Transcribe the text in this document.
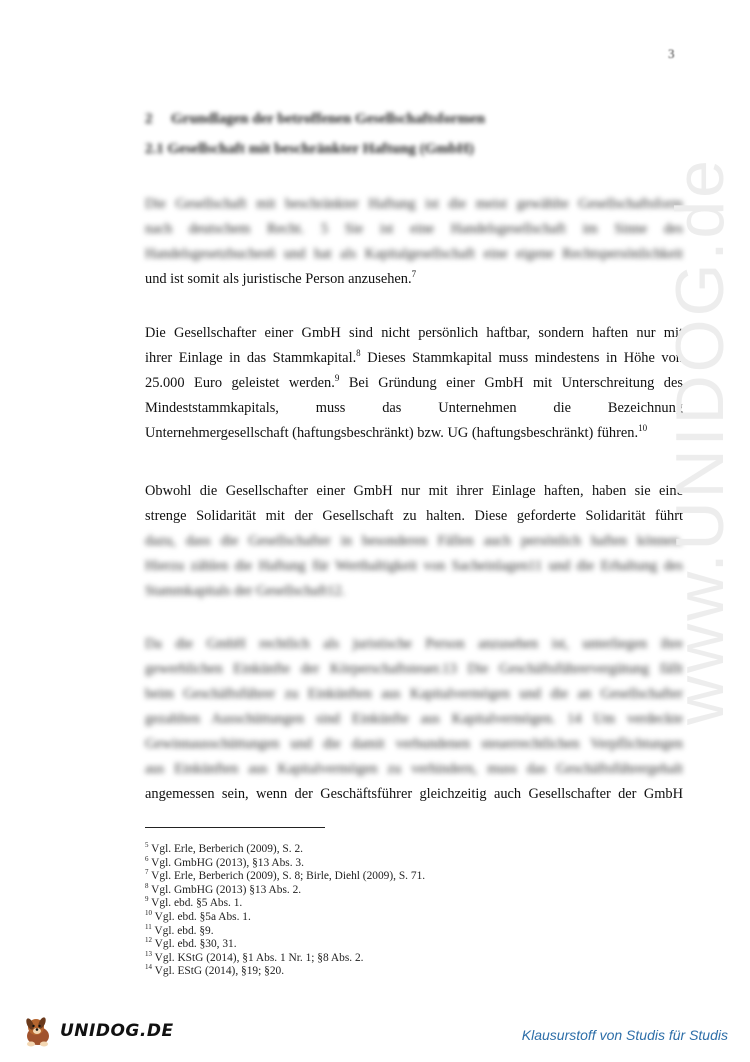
3
2 Grundlagen der betroffenen Gesellschaftsformen
2.1 Gesellschaft mit beschränkter Haftung (GmbH)
Die Gesellschaft mit beschränkter Haftung ist die meist gewählte Gesellschaftsform
nach deutschem Recht. 5 Sie ist eine Handelsgesellschaft im Sinne des
Handelsgesetzbuches6 und hat als Kapitalgesellschaft eine eigene Rechtspersönlichkeit
und ist somit als juristische Person anzusehen.$^7$
Die Gesellschafter einer GmbH sind nicht persönlich haftbar, sondern haften nur mit
ihrer Einlage in das Stammkapital.$^8$ Dieses Stammkapital muss mindestens in Höhe von
25.000 Euro geleistet werden.$^9$ Bei Gründung einer GmbH mit Unterschreitung des
Mindeststammkapitals, muss das Unternehmen die Bezeichnung
Unternehmergesellschaft (haftungsbeschränkt) bzw. UG (haftungsbeschränkt) führen.$^{10}$
Obwohl die Gesellschafter einer GmbH nur mit ihrer Einlage haften, haben sie eine
strenge Solidarität mit der Gesellschaft zu halten. Diese geforderte Solidarität führt
dazu, dass die Gesellschafter in besonderen Fällen auch persönlich haften können.
Hierzu zählen die Haftung für Werthaltigkeit von Sacheinlagen11 und die Erhaltung des
Stammkapitals der Gesellschaft12.
Da die GmbH rechtlich als juristische Person anzusehen ist, unterliegen ihre
gewerblichen Einkünfte der Körperschaftsteuer.13 Die Geschäftsführervergütung fällt
beim Geschäftsführer zu Einkünften aus Kapitalvermögen und die an Gesellschafter
gezahlten Ausschüttungen sind Einkünfte aus Kapitalvermögen. 14 Um verdeckte
Gewinnausschüttungen und die damit verbundenen steuerrechtlichen Verpflichtungen
aus Einkünften aus Kapitalvermögen zu verhindern, muss das Geschäftsführergehalt
angemessen sein, wenn der Geschäftsführer gleichzeitig auch Gesellschafter der GmbH
$^5$ Vgl. Erle, Berberich (2009), S. 2.
$^6$ Vgl. GmbHG (2013), §13 Abs. 3.
$^7$ Vgl. Erle, Berberich (2009), S. 8; Birle, Diehl (2009), S. 71.
$^8$ Vgl. GmbHG (2013) §13 Abs. 2.
$^9$ Vgl. ebd. §5 Abs. 1.
$^{10}$ Vgl. ebd. §5a Abs. 1.
$^{11}$ Vgl. ebd. §9.
$^{12}$ Vgl. ebd. §30, 31.
$^{13}$ Vgl. KStG (2014), §1 Abs. 1 Nr. 1; §8 Abs. 2.
$^{14}$ Vgl. EStG (2014), §19; §20.
www.UNIDOG.de
UNIDOG.DE	Klausurstoff von Studis für Studis
